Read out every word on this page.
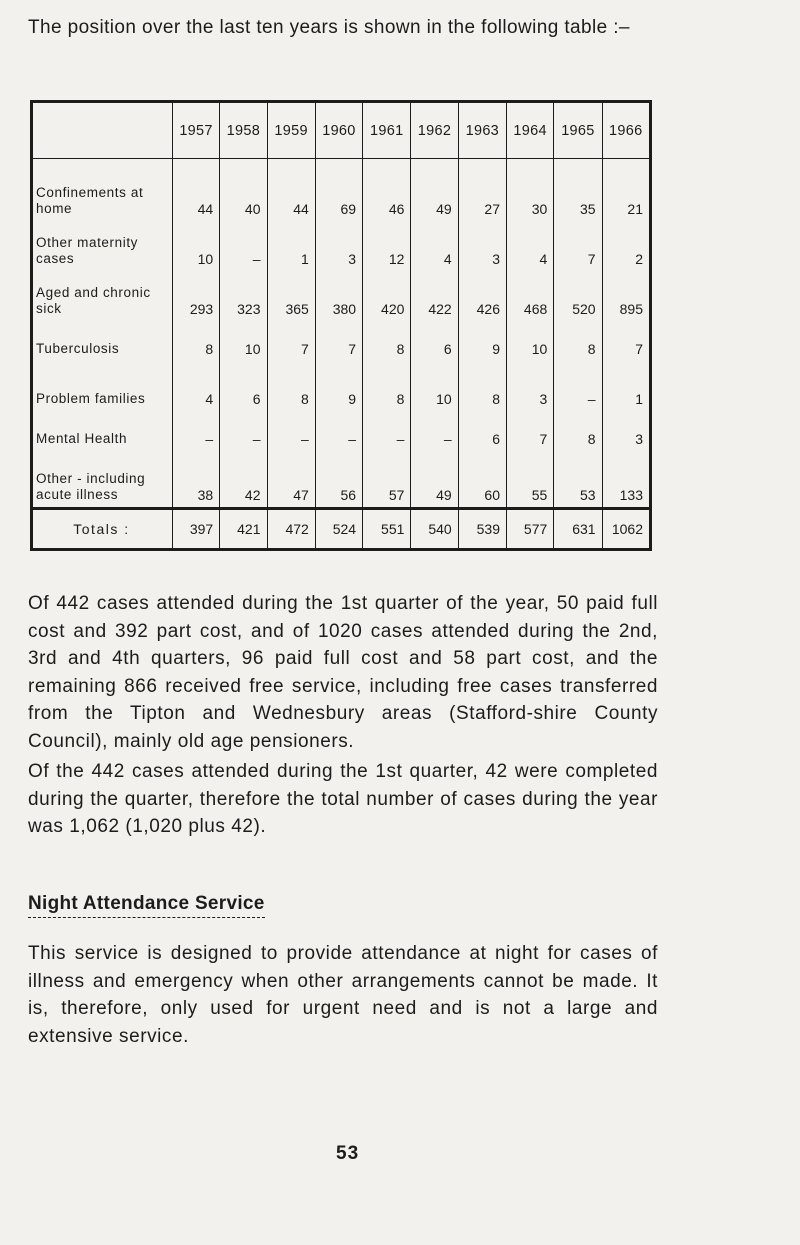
The position over the last ten years is shown in the following table :–

	1957	1958	1959	1960	1961	1962	1963	1964	1965	1966
Confinements at home	44	40	44	69	46	49	27	30	35	21
Other maternity cases	10	–	1	3	12	4	3	4	7	2
Aged and chronic sick	293	323	365	380	420	422	426	468	520	895
Tuberculosis	8	10	7	7	8	6	9	10	8	7
Problem families	4	6	8	9	8	10	8	3	–	1
Mental Health	–	–	–	–	–	–	6	7	8	3
Other - including acute illness	38	42	47	56	57	49	60	55	53	133
Totals :	397	421	472	524	551	540	539	577	631	1062

Of 442 cases attended during the 1st quarter of the year, 50 paid full cost and 392 part cost, and of 1020 cases attended during the 2nd, 3rd and 4th quarters, 96 paid full cost and 58 part cost, and the remaining 866 received free service, including free cases transferred from the Tipton and Wednesbury areas (Stafford-shire County Council), mainly old age pensioners.

Of the 442 cases attended during the 1st quarter, 42 were completed during the quarter, therefore the total number of cases during the year was 1,062 (1,020 plus 42).

Night Attendance Service

This service is designed to provide attendance at night for cases of illness and emergency when other arrangements cannot be made. It is, therefore, only used for urgent need and is not a large and extensive service.

53
